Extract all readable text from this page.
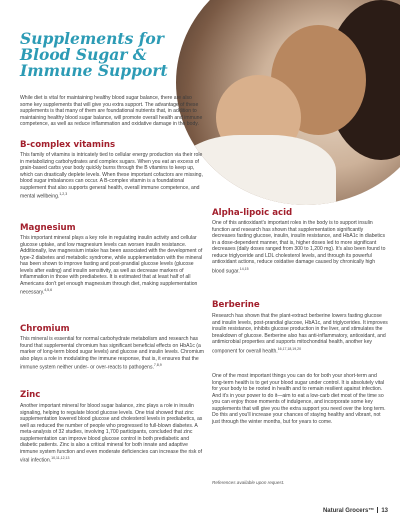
Supplements for Blood Sugar & Immune Support

While diet is vital for maintaining healthy blood sugar balance, there are also some key supplements that will give you extra support. The advantage of these supplements is that many of them are foundational nutrients that, in addition to maintaining healthy blood sugar balance, will promote overall health and immune competence, as well as reduce inflammation and oxidative damage in the body.

B-complex vitamins

This family of vitamins is intricately tied to cellular energy production via their role in metabolizing carbohydrates and complex sugars. When you eat an excess of grain-based carbs your body quickly burns through the B vitamins to keep up, which can drastically deplete levels. When these important cofactors are missing, blood sugar imbalances can occur. A B-complex vitamin is a foundational supplement that also supports general health, overall immune competence, and mental wellbeing.$^{1,2,3}$

Magnesium

This important mineral plays a key role in regulating insulin activity and cellular glucose uptake, and low magnesium levels can worsen insulin resistance. Additionally, low magnesium intake has been associated with the development of type-2 diabetes and metabolic syndrome, while supplementation with the mineral has been shown to improve fasting and post-prandial glucose levels (glucose levels after eating) and insulin sensitivity, as well as decrease markers of inflammation in those with prediabetes. It is estimated that at least half of all Americans don't get enough magnesium through diet, making supplementation necessary.$^{4,5,6}$

Chromium

This mineral is essential for normal carbohydrate metabolism and research has found that supplemental chromium has significant beneficial effects on HbA1c (a marker of long-term blood sugar levels) and glucose and insulin levels. Chromium also plays a role in modulating the immune response, that is, it ensures that the immune system neither under- or over-reacts to pathogens.$^{7,8,9}$

Zinc

Another important mineral for blood sugar balance, zinc plays a role in insulin signaling, helping to regulate blood glucose levels. One trial showed that zinc supplementation lowered blood glucose and cholesterol levels in prediabetics, as well as reduced the number of people who progressed to full-blown diabetes. A meta-analysis of 32 studies, involving 1,700 participants, concluded that zinc supplementation can improve blood glucose control in both prediabetic and diabetic patients. Zinc is also a critical mineral for both innate and adaptive immune system function and even moderate deficiencies can increase the risk of viral infection.$^{10,11,12,13}$

Alpha-lipoic acid

One of this antioxidant's important roles in the body is to support insulin function and research has shown that supplementation significantly decreases fasting glucose, insulin, insulin resistance, and HbA1c in diabetics in a dose-dependent manner, that is, higher doses led to more significant decreases (daily doses ranged from 300 to 1,200 mg). It's also been found to reduce triglyceride and LDL cholesterol levels, and through its powerful antioxidant actions, reduce oxidative damage caused by chronically high blood sugar.$^{14,15}$

Berberine

Research has shown that the plant-extract berberine lowers fasting glucose and insulin levels, post-prandial glucose, HbA1c, and triglycerides. It improves insulin resistance, inhibits glucose production in the liver, and stimulates the breakdown of glucose. Berberine also has anti-inflammatory, antioxidant, and antimicrobial properties and supports mitochondrial health, another key component for overall health.$^{16,17,18,19,20}$

One of the most important things you can do for both your short-term and long-term health is to get your blood sugar under control. It is absolutely vital for your body to be rooted in health and to remain resilient against infection. And it's in your power to do it—aim to eat a low-carb diet most of the time so you can enjoy those moments of indulgence, and incorporate some key supplements that will give you the extra support you need over the long term. Do this and you'll increase your chances of staying healthy and vibrant, not just through the winter months, but for years to come.

References available upon request.
Natural Grocers™ 13
